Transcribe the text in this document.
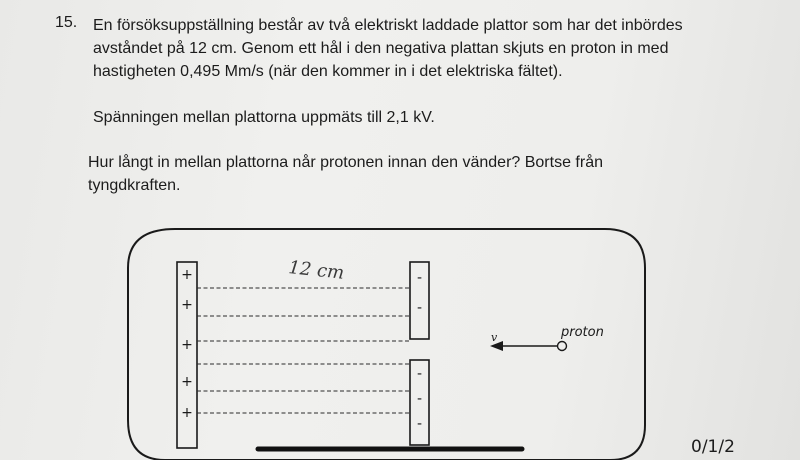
15. En försöksuppställning består av två elektriskt laddade plattor som har det inbördes
avståndet på 12 cm. Genom ett hål i den negativa plattan skjuts en proton in med
hastigheten 0,495 Mm/s (när den kommer in i det elektriska fältet).

Spänningen mellan plattorna uppmäts till 2,1 kV.

Hur långt in mellan plattorna når protonen innan den vänder? Bortse från
tyngdkraften.

+
+
+
+
+
-
-
-
-
-
12 cm
v	proton
0/1/2
